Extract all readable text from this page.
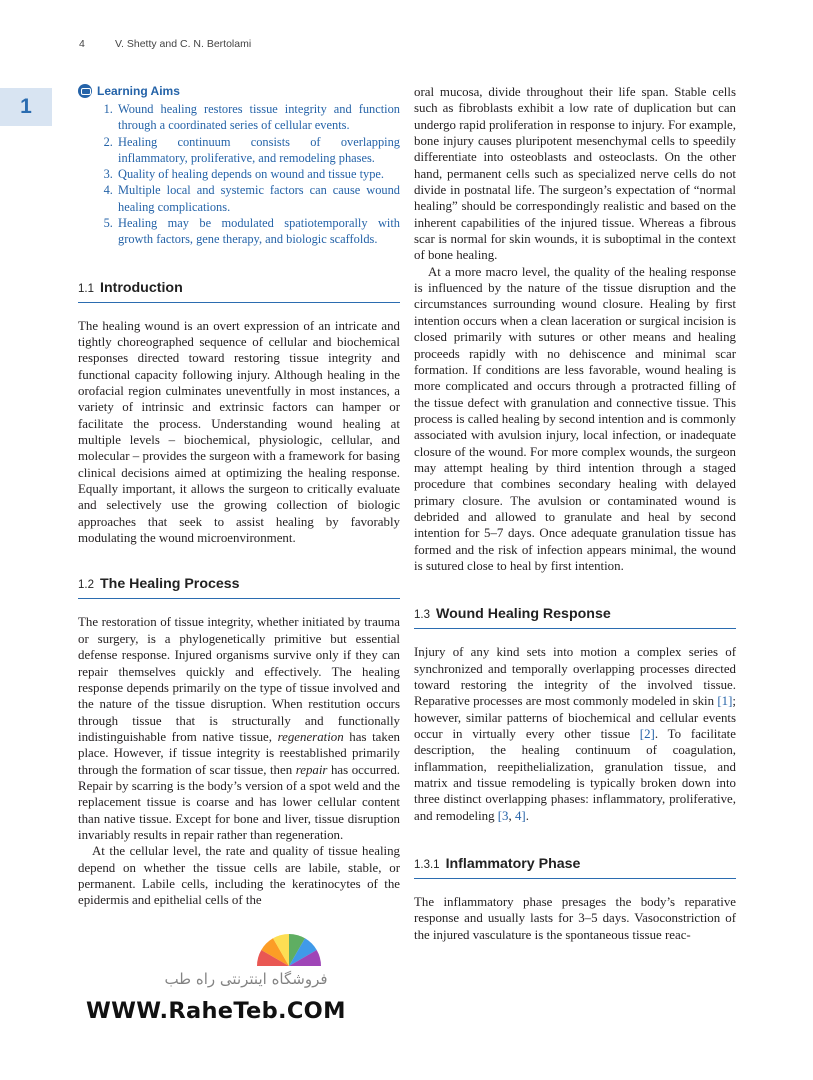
4	V. Shetty and C. N. Bertolami
1
Learning Aims
1. Wound healing restores tissue integrity and function through a coordinated series of cellular events.
2. Healing continuum consists of overlapping inflammatory, proliferative, and remodeling phases.
3. Quality of healing depends on wound and tissue type.
4. Multiple local and systemic factors can cause wound healing complications.
5. Healing may be modulated spatiotemporally with growth factors, gene therapy, and biologic scaffolds.
1.1 Introduction

The healing wound is an overt expression of an intricate and tightly choreographed sequence of cellular and biochemical responses directed toward restoring tissue integrity and functional capacity following injury. Although healing in the orofacial region culminates uneventfully in most instances, a variety of intrinsic and extrinsic factors can hamper or facilitate the process. Understanding wound healing at multiple levels – biochemical, physiologic, cellular, and molecular – provides the surgeon with a framework for basing clinical decisions aimed at optimizing the healing response. Equally important, it allows the surgeon to critically evaluate and selectively use the growing collection of biologic approaches that seek to assist healing by favorably modulating the wound microenvironment.

1.2 The Healing Process

The restoration of tissue integrity, whether initiated by trauma or surgery, is a phylogenetically primitive but essential defense response. Injured organisms survive only if they can repair themselves quickly and effectively. The healing response depends primarily on the type of tissue involved and the nature of the tissue disruption. When restitution occurs through tissue that is structurally and functionally indistinguishable from native tissue, regeneration has taken place. However, if tissue integrity is reestablished primarily through the formation of scar tissue, then repair has occurred. Repair by scarring is the body’s version of a spot weld and the replacement tissue is coarse and has lower cellular content than native tissue. Except for bone and liver, tissue disruption invariably results in repair rather than regeneration.

At the cellular level, the rate and quality of tissue healing depend on whether the tissue cells are labile, stable, or permanent. Labile cells, including the keratinocytes of the epidermis and epithelial cells of the

oral mucosa, divide throughout their life span. Stable cells such as fibroblasts exhibit a low rate of duplication but can undergo rapid proliferation in response to injury. For example, bone injury causes pluripotent mesenchymal cells to speedily differentiate into osteoblasts and osteoclasts. On the other hand, permanent cells such as specialized nerve cells do not divide in postnatal life. The surgeon’s expectation of “normal healing” should be correspondingly realistic and based on the inherent capabilities of the injured tissue. Whereas a fibrous scar is normal for skin wounds, it is suboptimal in the context of bone healing.

At a more macro level, the quality of the healing response is influenced by the nature of the tissue disruption and the circumstances surrounding wound closure. Healing by first intention occurs when a clean laceration or surgical incision is closed primarily with sutures or other means and healing proceeds rapidly with no dehiscence and minimal scar formation. If conditions are less favorable, wound healing is more complicated and occurs through a protracted filling of the tissue defect with granulation and connective tissue. This process is called healing by second intention and is commonly associated with avulsion injury, local infection, or inadequate closure of the wound. For more complex wounds, the surgeon may attempt healing by third intention through a staged procedure that combines secondary healing with delayed primary closure. The avulsion or contaminated wound is debrided and allowed to granulate and heal by second intention for 5–7 days. Once adequate granulation tissue has formed and the risk of infection appears minimal, the wound is sutured close to heal by first intention.

1.3 Wound Healing Response

Injury of any kind sets into motion a complex series of synchronized and temporally overlapping processes directed toward restoring the integrity of the involved tissue. Reparative processes are most commonly modeled in skin [1]; however, similar patterns of biochemical and cellular events occur in virtually every other tissue [2]. To facilitate description, the healing continuum of coagulation, inflammation, reepithelialization, granulation tissue, and matrix and tissue remodeling is typically broken down into three distinct overlapping phases: inflammatory, proliferative, and remodeling [3, 4].

1.3.1 Inflammatory Phase

The inflammatory phase presages the body’s reparative response and usually lasts for 3–5 days. Vasoconstriction of the injured vasculature is the spontaneous tissue reac-

فروشگاه اینترنتی راه طب
WWW.RaheTeb.COM
